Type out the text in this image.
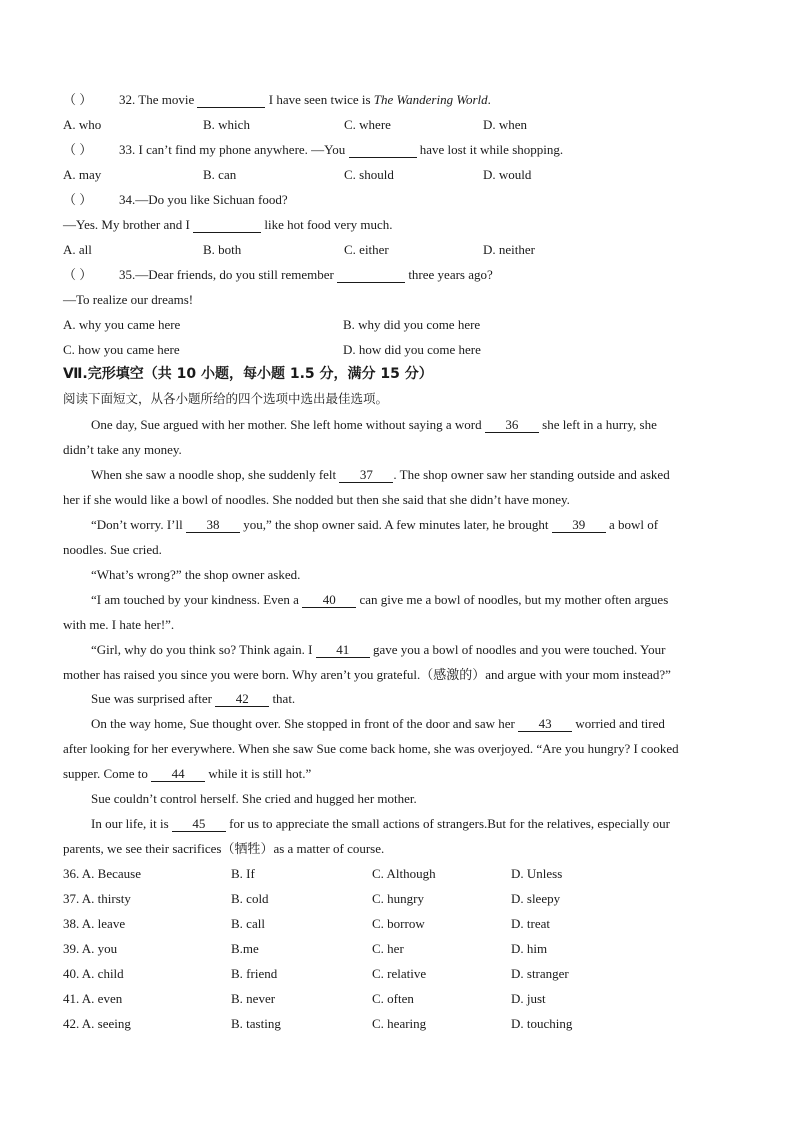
（ ） 32. The movie	I have seen twice is The Wandering World.
A. who	B. which	C. where	D. when
（ ） 33. I can’t find my phone anywhere. —You	have lost it while shopping.
A. may	B. can	C. should	D. would
（ ） 34.—Do you like Sichuan food?
—Yes. My brother and I	like hot food very much.
A. all	B. both	C. either	D. neither
（ ） 35.—Dear friends, do you still remember	three years ago?
—To realize our dreams!
A. why you came here	B. why did you come here
C. how you came here	D. how did you come here
Ⅶ.完形填空（共 10 小题，每小题 1.5 分，满分 15 分）
阅读下面短文，从各小题所给的四个选项中选出最佳选项。
One day, Sue argued with her mother. She left home without saying a word 36 she left in a hurry, she
didn’t take any money.
When she saw a noodle shop, she suddenly felt 37 . The shop owner saw her standing outside and asked
her if she would like a bowl of noodles. She nodded but then she said that she didn’t have money.
“Don’t worry. I’ll 38 you,” the shop owner said. A few minutes later, he brought 39 a bowl of
noodles. Sue cried.
“What’s wrong?” the shop owner asked.
“I am touched by your kindness. Even a 40 can give me a bowl of noodles, but my mother often argues
with me. I hate her!”.
“Girl, why do you think so? Think again. I 41 gave you a bowl of noodles and you were touched. Your
mother has raised you since you were born. Why aren’t you grateful.（感激的）and argue with your mom instead?”
Sue was surprised after 42 that.
On the way home, Sue thought over. She stopped in front of the door and saw her 43 worried and tired
after looking for her everywhere. When she saw Sue come back home, she was overjoyed. “Are you hungry? I cooked
supper. Come to 44 while it is still hot.”
Sue couldn’t control herself. She cried and hugged her mother.
In our life, it is 45 for us to appreciate the small actions of strangers.But for the relatives, especially our
parents, we see their sacrifices（牺牲）as a matter of course.
36. A. Because	B. If	C. Although	D. Unless
37. A. thirsty	B. cold	C. hungry	D. sleepy
38. A. leave	B. call	C. borrow	D. treat
39. A. you	B.me	C. her	D. him
40. A. child	B. friend	C. relative	D. stranger
41. A. even	B. never	C. often	D. just
42. A. seeing	B. tasting	C. hearing	D. touching
